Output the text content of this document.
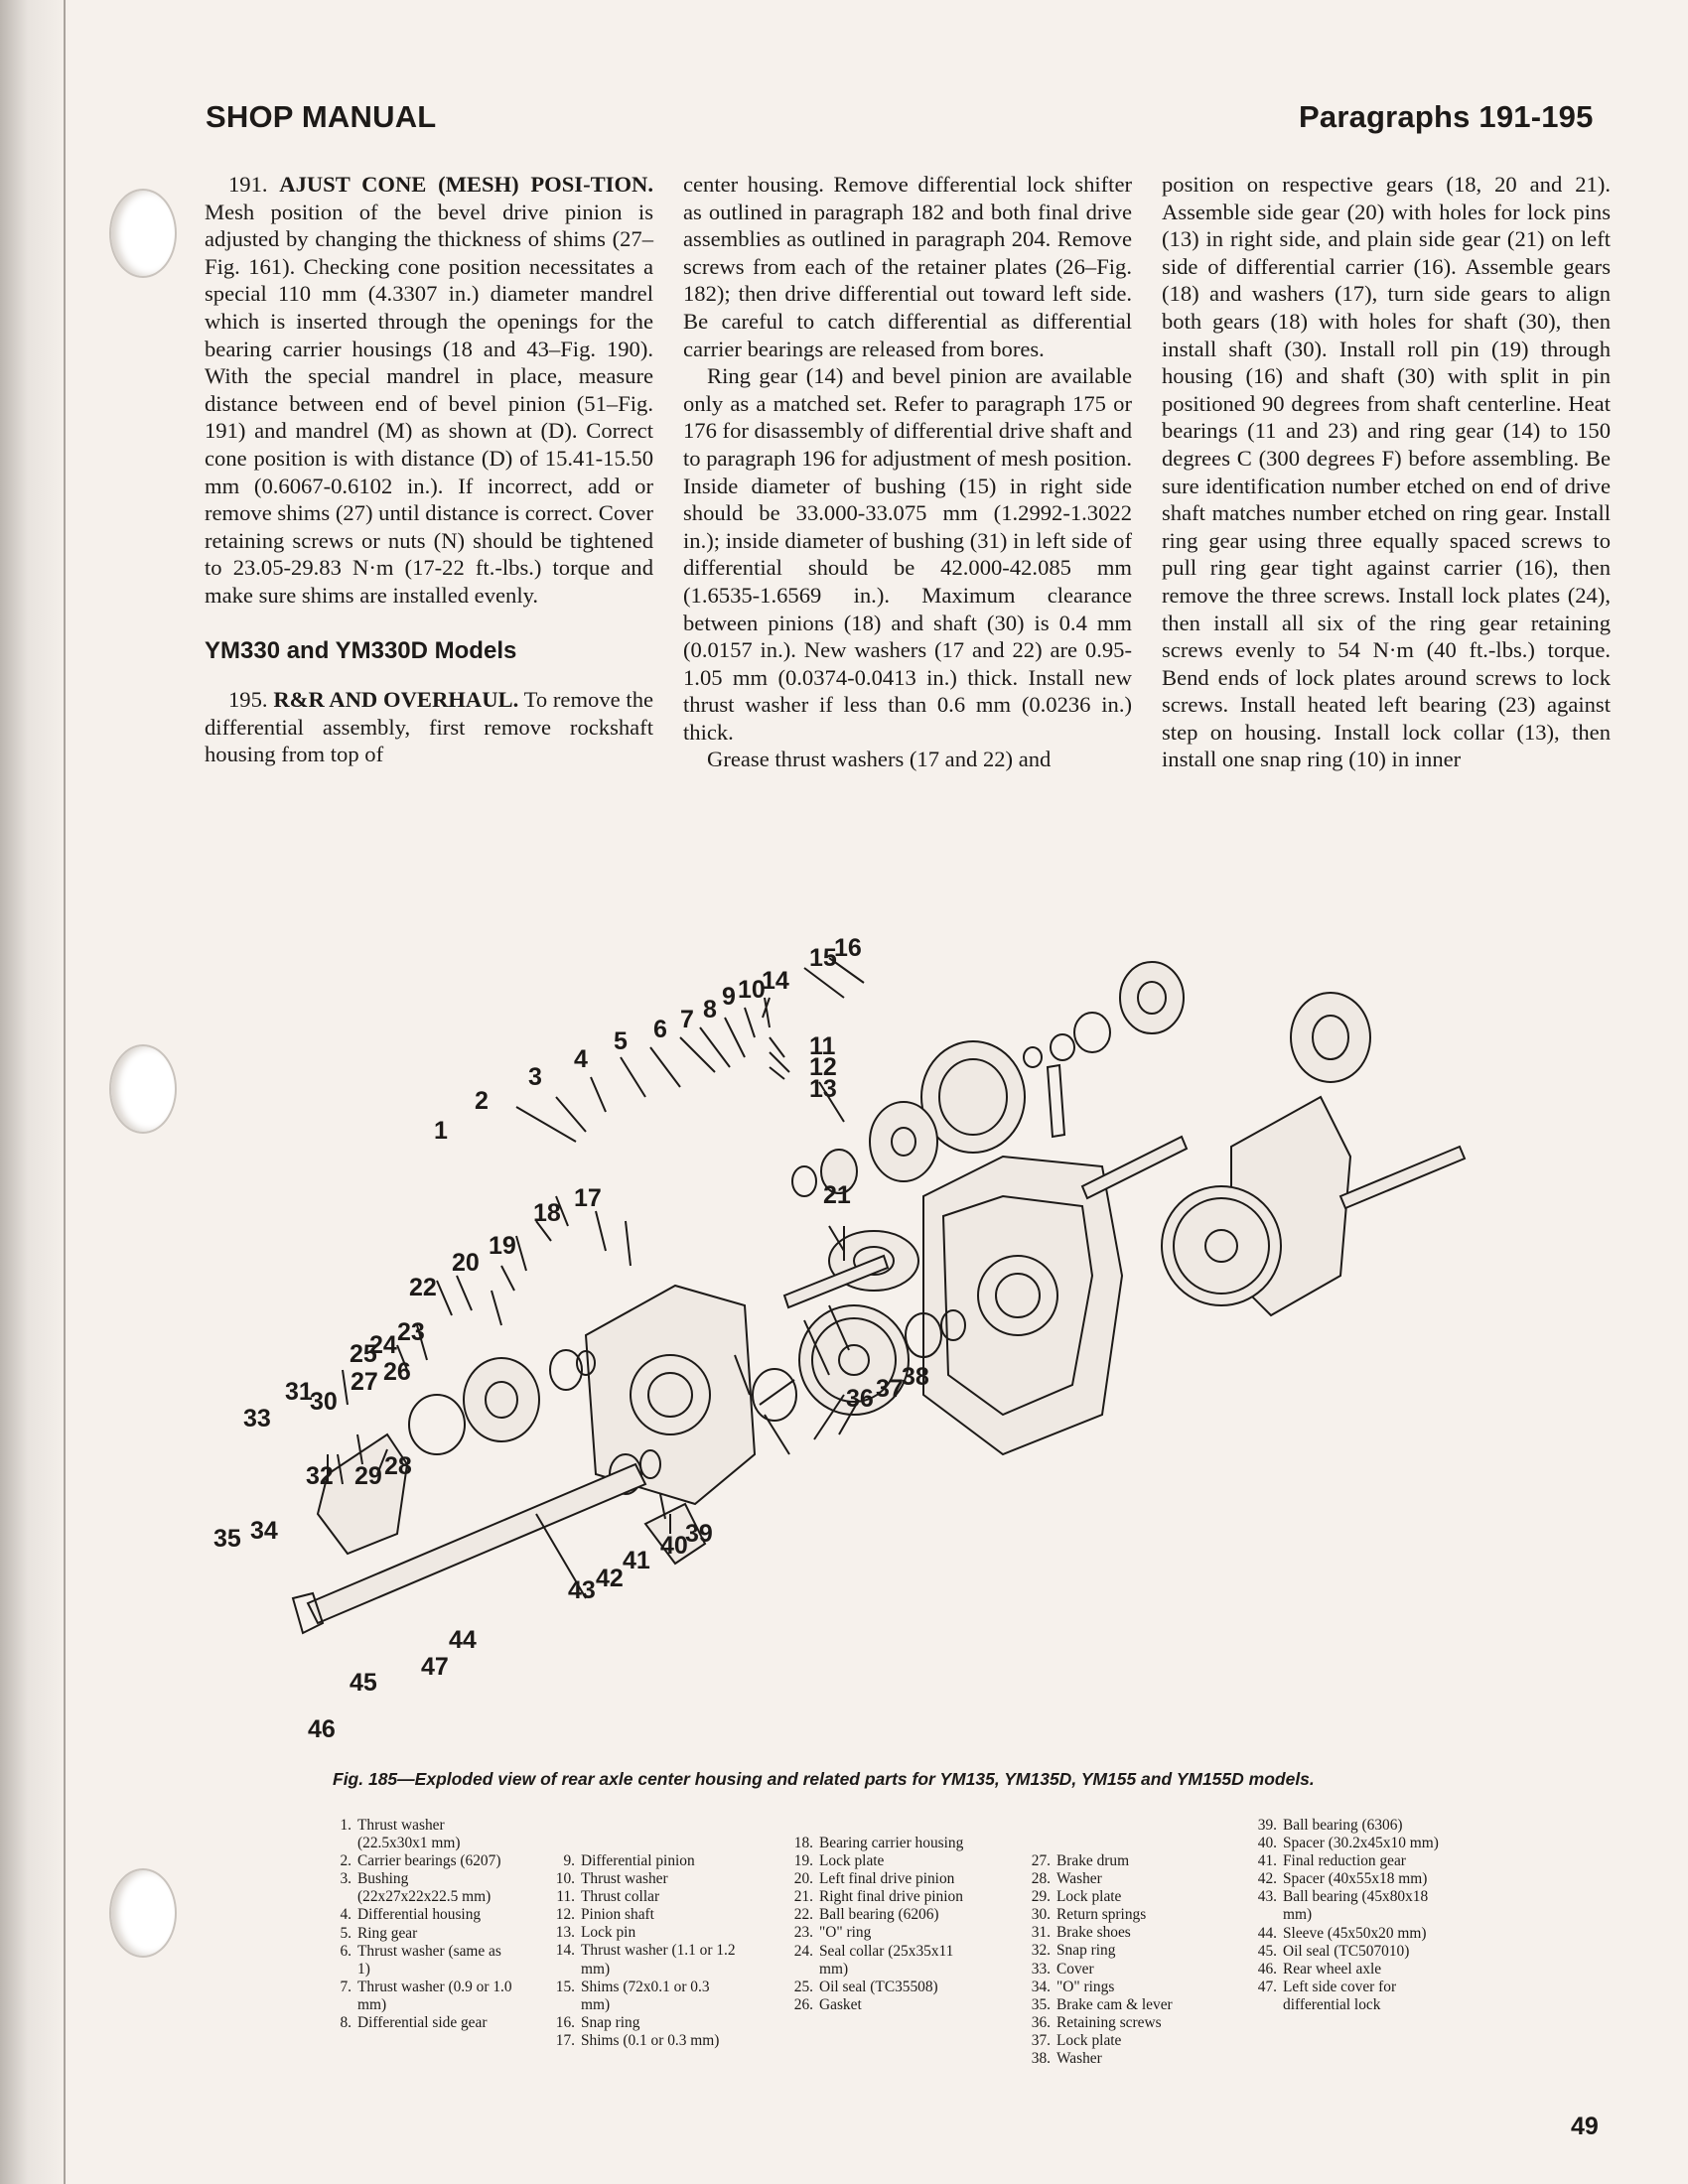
SHOP MANUAL	Paragraphs 191-195

191. AJUST CONE (MESH) POSI-TION. Mesh position of the bevel drive pinion is adjusted by changing the thickness of shims (27–Fig. 161). Checking cone position necessitates a special 110 mm (4.3307 in.) diameter mandrel which is inserted through the openings for the bearing carrier housings (18 and 43–Fig. 190). With the special mandrel in place, measure distance between end of bevel pinion (51–Fig. 191) and mandrel (M) as shown at (D). Correct cone position is with distance (D) of 15.41-15.50 mm (0.6067-0.6102 in.). If incorrect, add or remove shims (27) until distance is correct. Cover retaining screws or nuts (N) should be tightened to 23.05-29.83 N·m (17-22 ft.-lbs.) torque and make sure shims are installed evenly.

YM330 and YM330D Models

195. R&R AND OVERHAUL. To remove the differential assembly, first remove rockshaft housing from top of

center housing. Remove differential lock shifter as outlined in paragraph 182 and both final drive assemblies as outlined in paragraph 204. Remove screws from each of the retainer plates (26–Fig. 182); then drive differential out toward left side. Be careful to catch differential as differential carrier bearings are released from bores.

Ring gear (14) and bevel pinion are available only as a matched set. Refer to paragraph 175 or 176 for disassembly of differential drive shaft and to paragraph 196 for adjustment of mesh position. Inside diameter of bushing (15) in right side should be 33.000-33.075 mm (1.2992-1.3022 in.); inside diameter of bushing (31) in left side of differential should be 42.000-42.085 mm (1.6535-1.6569 in.). Maximum clearance between pinions (18) and shaft (30) is 0.4 mm (0.0157 in.). New washers (17 and 22) are 0.95-1.05 mm (0.0374-0.0413 in.) thick. Install new thrust washer if less than 0.6 mm (0.0236 in.) thick.

Grease thrust washers (17 and 22) and

position on respective gears (18, 20 and 21). Assemble side gear (20) with holes for lock pins (13) in right side, and plain side gear (21) on left side of differential carrier (16). Assemble gears (18) and washers (17), turn side gears to align both gears (18) with holes for shaft (30), then install shaft (30). Install roll pin (19) through housing (16) and shaft (30) with split in pin positioned 90 degrees from shaft centerline. Heat bearings (11 and 23) and ring gear (14) to 150 degrees C (300 degrees F) before assembling. Be sure identification number etched on end of drive shaft matches number etched on ring gear. Install ring gear using three equally spaced screws to pull ring gear tight against carrier (16), then remove the three screws. Install lock plates (24), then install all six of the ring gear retaining screws evenly to 54 N·m (40 ft.-lbs.) torque. Bend ends of lock plates around screws to lock screws. Install heated left bearing (23) against step on housing. Install lock collar (13), then install one snap ring (10) in inner

1
2
3
4
5 6 7 8 9 10
11
12
13
14
15
16
17
18
19
20
21
22
23
24
25
26
27
28
29
30
31
32
33
34
35
36 37
38
39
40
41
42
43
44
45
46
47
Fig. 185—Exploded view of rear axle center housing and related parts for YM135, YM135D, YM155 and YM155D models.
1. Thrust washer (22.5x30x1 mm)
2. Carrier bearings (6207)
3. Bushing (22x27x22x22.5 mm)
4. Differential housing
5. Ring gear
6. Thrust washer (same as 1)
7. Thrust washer (0.9 or 1.0 mm)
8. Differential side gear
9. Differential pinion
10. Thrust washer
11. Thrust collar
12. Pinion shaft
13. Lock pin
14. Thrust washer (1.1 or 1.2 mm)
15. Shims (72x0.1 or 0.3 mm)
16. Snap ring
17. Shims (0.1 or 0.3 mm)
18. Bearing carrier housing
19. Lock plate
20. Left final drive pinion
21. Right final drive pinion
22. Ball bearing (6206)
23. "O" ring
24. Seal collar (25x35x11 mm)
25. Oil seal (TC35508)
26. Gasket
27. Brake drum
28. Washer
29. Lock plate
30. Return springs
31. Brake shoes
32. Snap ring
33. Cover
34. "O" rings
35. Brake cam & lever
36. Retaining screws
37. Lock plate
38. Washer
39. Ball bearing (6306)
40. Spacer (30.2x45x10 mm)
41. Final reduction gear
42. Spacer (40x55x18 mm)
43. Ball bearing (45x80x18 mm)
44. Sleeve (45x50x20 mm)
45. Oil seal (TC507010)
46. Rear wheel axle
47. Left side cover for differential lock
49
